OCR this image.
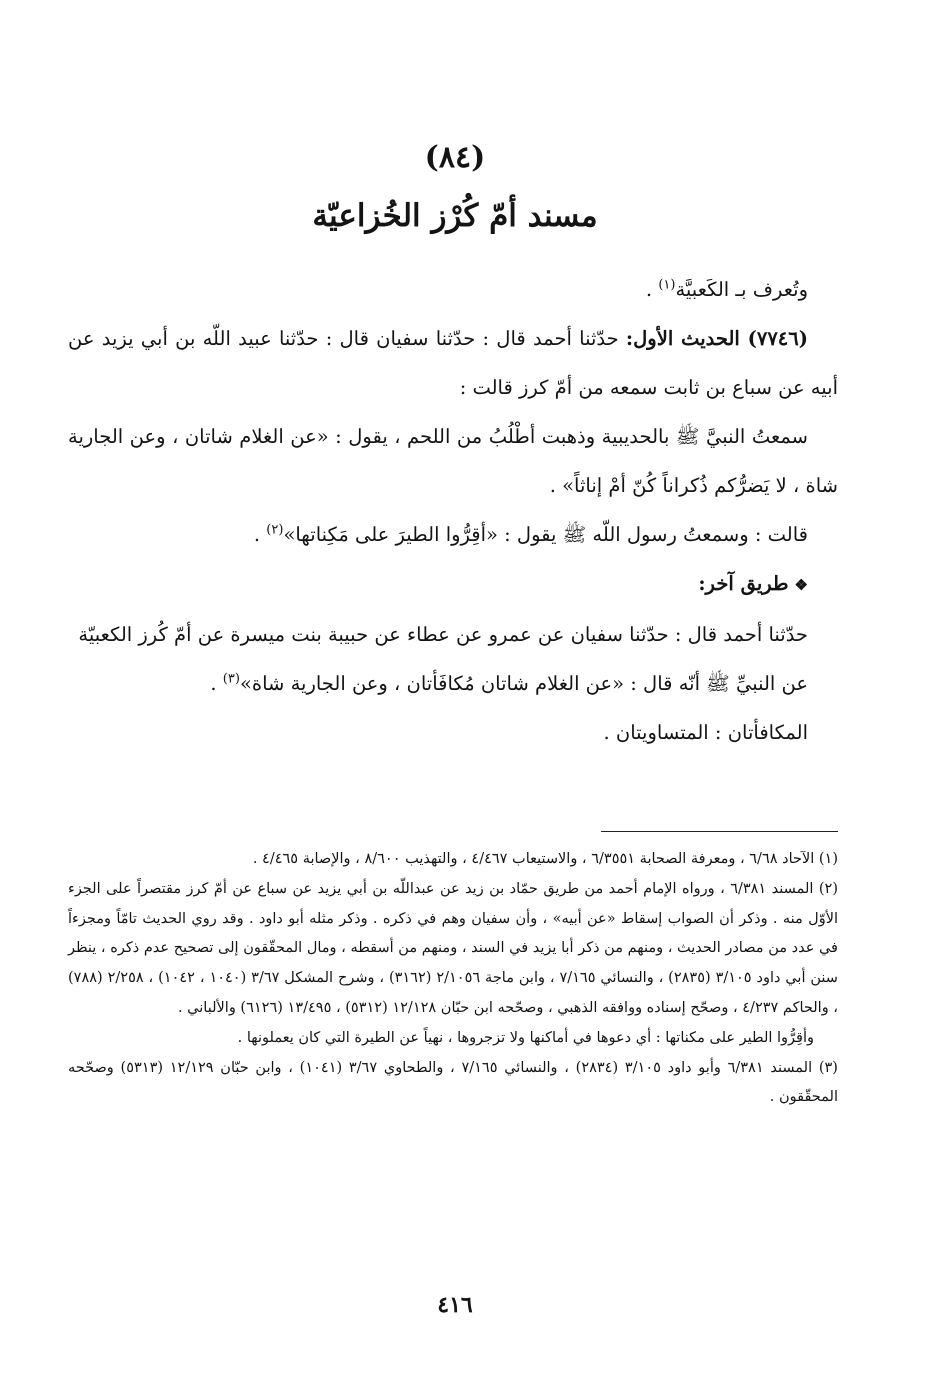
(٨٤)
مسند أمّ كُرْز الخُزاعيّة

وتُعرف بـ الكَعبيَّة$^{(١)}$ .

(٧٧٤٦) الحديث الأول: حدّثنا أحمد قال : حدّثنا سفيان قال : حدّثنا عبيد اللّه بن أبي يزيد عن أبيه عن سباع بن ثابت سمعه من أمّ كرز قالت :

سمعتُ النبيَّ ﷺ بالحديبية وذهبت أطْلُبُ من اللحم ، يقول : «عن الغلام شاتان ، وعن الجارية شاة ، لا يَضرُّكم ذُكراناً كُنّ أمْ إناثاً» .

قالت : وسمعتُ رسول اللّه ﷺ يقول : «أقِرُّوا الطيرَ على مَكِناتها»$^{(٢)}$ .

❖طريق آخر:

حدّثنا أحمد قال : حدّثنا سفيان عن عمرو عن عطاء عن حبيبة بنت ميسرة عن أمّ كُرز الكعبيّة

عن النبيِّ ﷺ أنّه قال : «عن الغلام شاتان مُكافَأتان ، وعن الجارية شاة»$^{(٣)}$ .

المكافأتان : المتساويتان .

(١) الآحاد ٦/٦٨ ، ومعرفة الصحابة ٦/٣٥٥١ ، والاستيعاب ٤/٤٦٧ ، والتهذيب ٨/٦٠٠ ، والإصابة ٤/٤٦٥ .

(٢) المسند ٦/٣٨١ ، ورواه الإمام أحمد من طريق حمّاد بن زيد عن عبداللّه بن أبي يزيد عن سباع عن أمّ كرز مقتصراً على الجزء الأوّل منه . وذكر أن الصواب إسقاط «عن أبيه» ، وأن سفيان وهم في ذكره . وذكر مثله أبو داود . وقد روي الحديث تامّاً ومجزءاً في عدد من مصادر الحديث ، ومنهم من ذكر أبا يزيد في السند ، ومنهم من أسقطه ، ومال المحقّقون إلى تصحيح عدم ذكره ، ينظر سنن أبي داود ٣/١٠٥ (٢٨٣٥) ، والنسائي ٧/١٦٥ ، وابن ماجة ٢/١٠٥٦ (٣١٦٢) ، وشرح المشكل ٣/٦٧ (١٠٤٠ ، ١٠٤٢) ، ٢/٢٥٨ (٧٨٨) ، والحاكم ٤/٢٣٧ ، وصحّح إسناده ووافقه الذهبي ، وصحّحه ابن حبّان ١٢/١٢٨ (٥٣١٢) ، ١٣/٤٩٥ (٦١٢٦) والألباني .

وأقِرُّوا الطير على مكناتها : أي دعوها في أماكنها ولا تزجروها ، نهياً عن الطيرة التي كان يعملونها .

(٣) المسند ٦/٣٨١ وأبو داود ٣/١٠٥ (٢٨٣٤) ، والنسائي ٧/١٦٥ ، والطحاوي ٣/٦٧ (١٠٤١) ، وابن حبّان ١٢/١٢٩ (٥٣١٣) وصحّحه المحقّقون .

٤١٦
